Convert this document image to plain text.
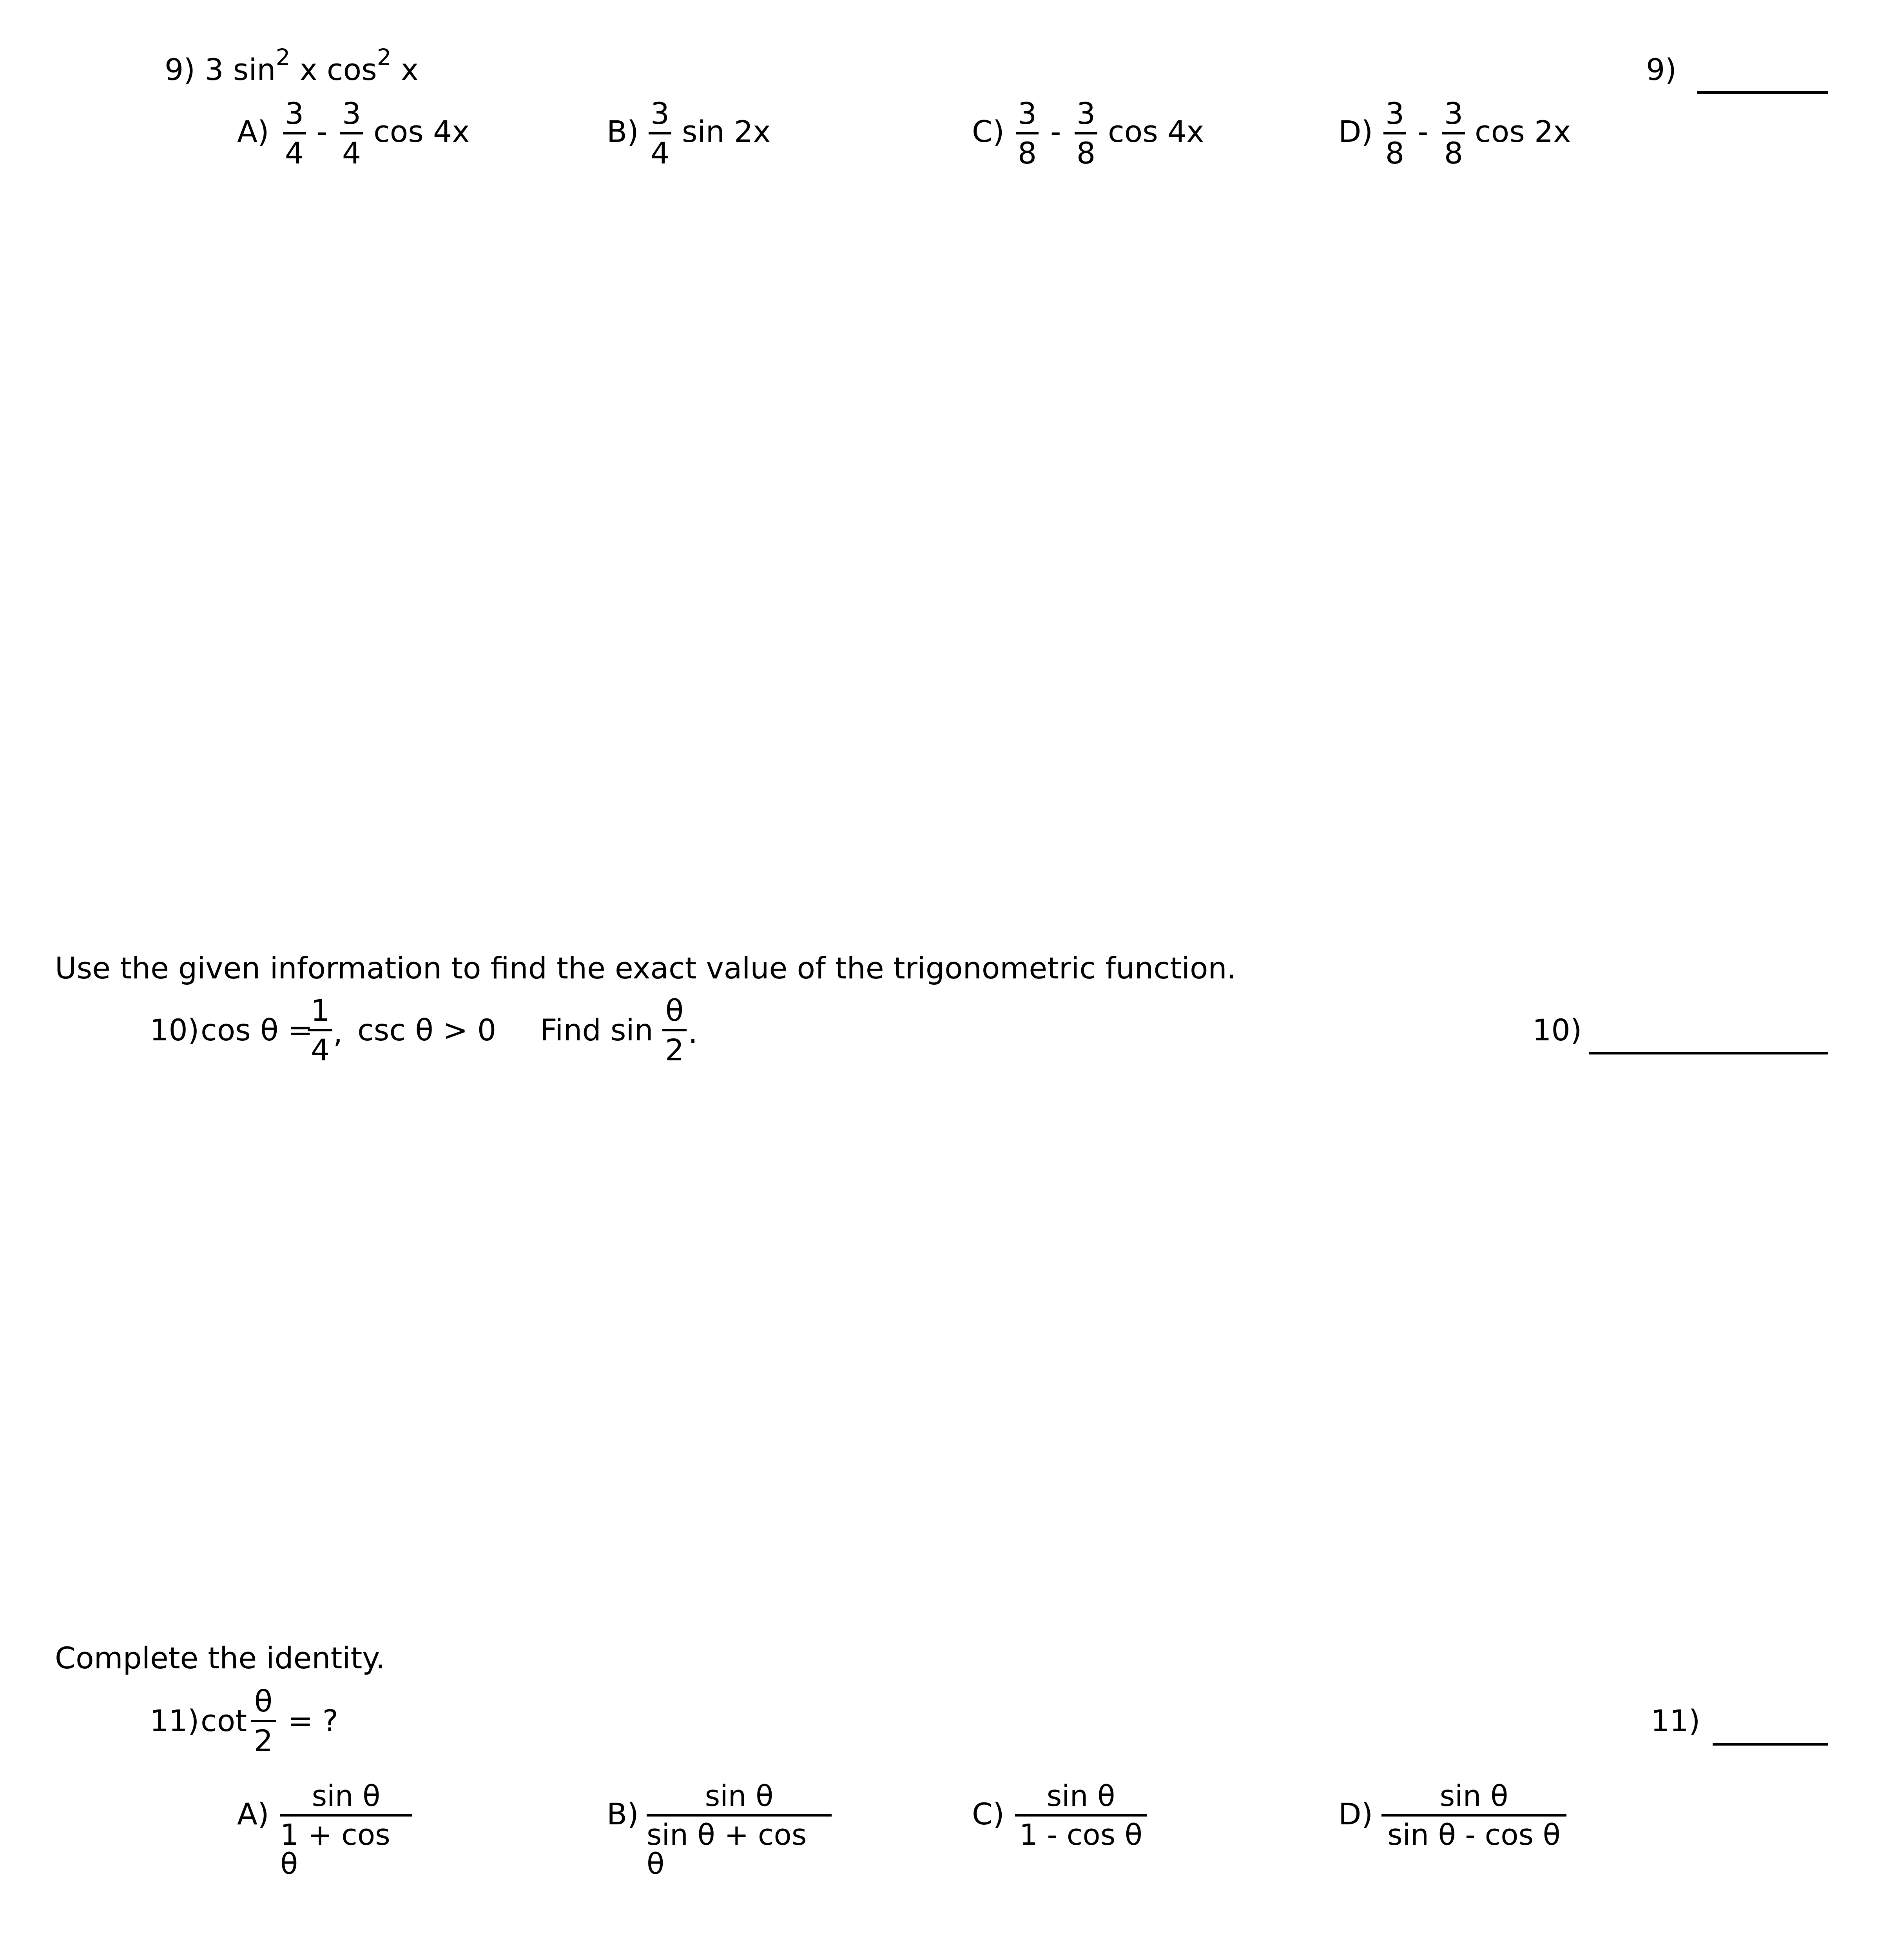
9) 3 $\sin^2 x$ $\cos^2 x$	9)
A)
3
4
-
3
4
cos 4x	B)
3
4
sin 2x	C)
3
8
-
3
8
cos 4x	D)
3
8
-
3
8
cos 2x
Use the given information to find the exact value of the trigonometric function.
10) cos θ =
1
4
, csc θ > 0 Find sin
θ
2
.	10)
Complete the identity.
11) cot
θ
2
= ?	11)
A)
sin θ
1 + cos θ
B)
sin θ
sin θ + cos θ
C)
sin θ
1 - cos θ
D)
sin θ
sin θ - cos θ
